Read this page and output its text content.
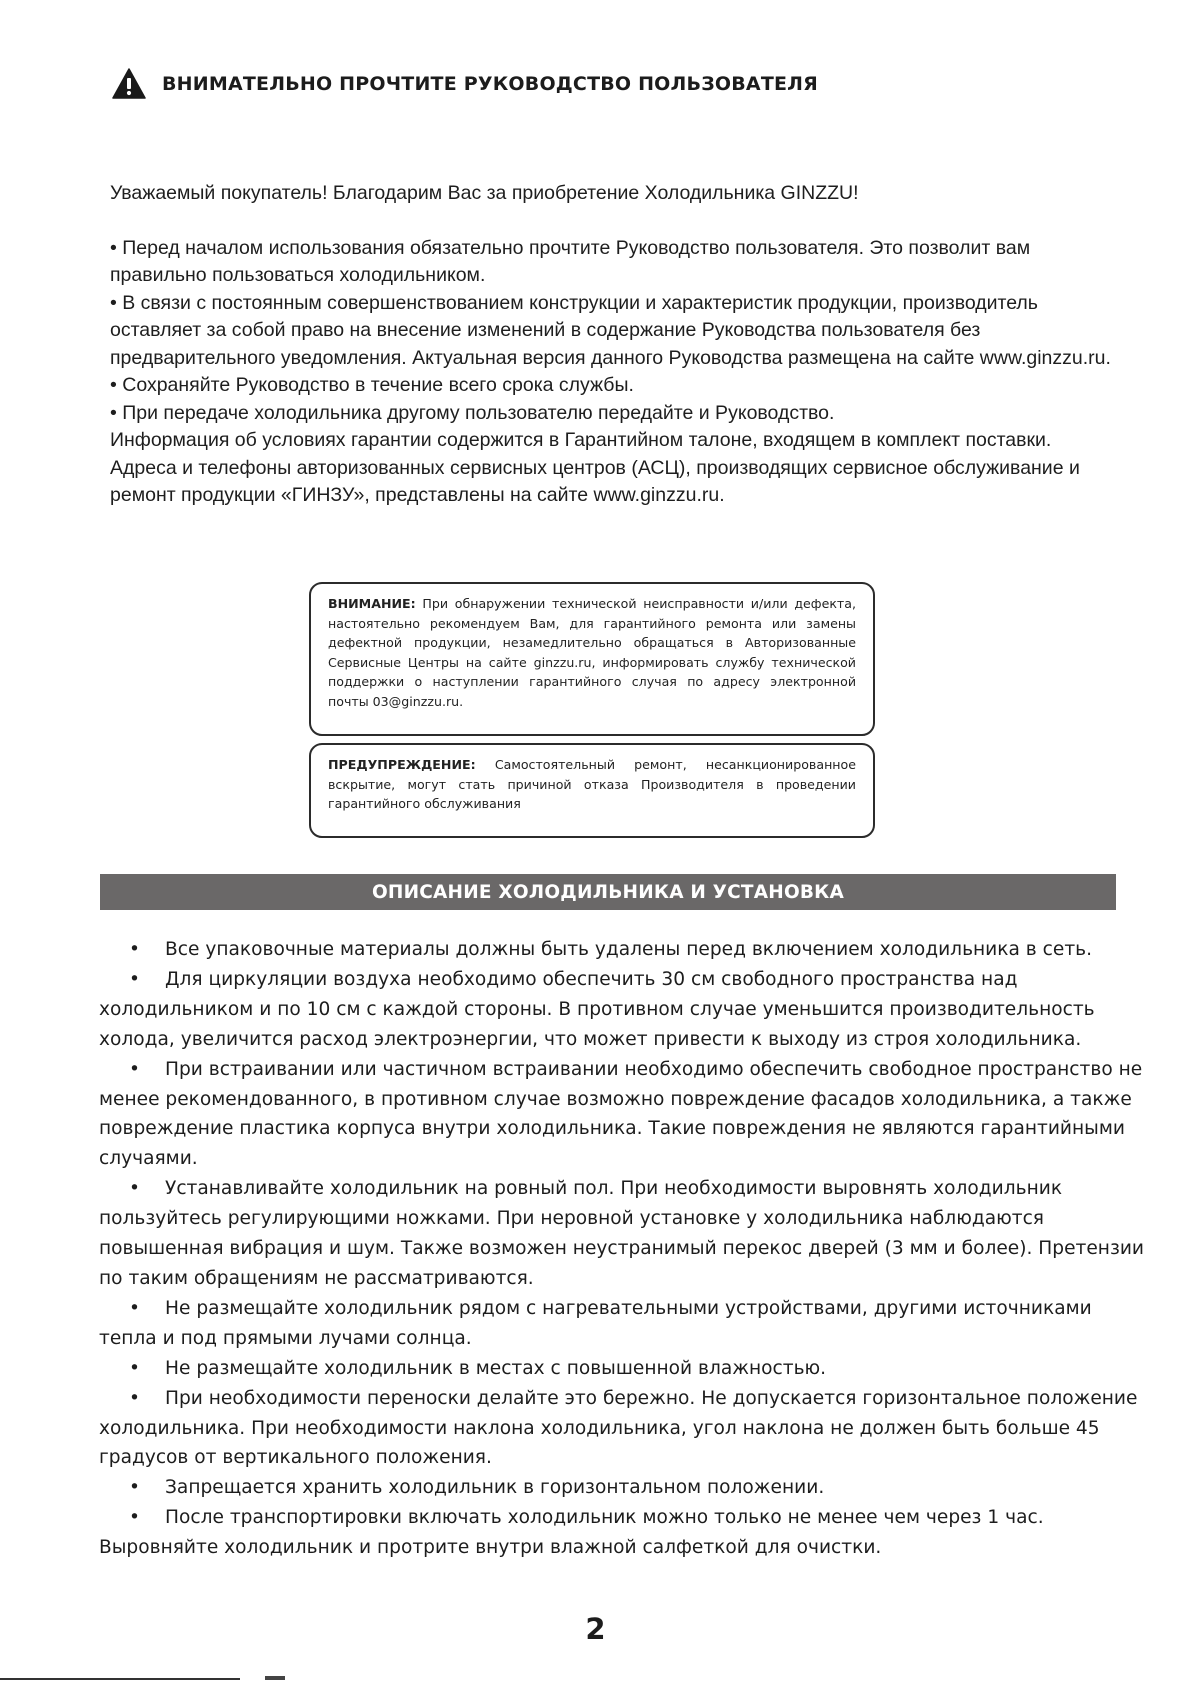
ВНИМАТЕЛЬНО ПРОЧТИТЕ РУКОВОДСТВО ПОЛЬЗОВАТЕЛЯ

Уважаемый покупатель! Благодарим Вас за приобретение Холодильника GINZZU!

• Перед началом использования обязательно прочтите Руководство пользователя. Это позволит вам правильно пользоваться холодильником.

• В связи с постоянным совершенствованием конструкции и характеристик продукции, производитель оставляет за собой право на внесение изменений в содержание Руководства пользователя без предварительного уведомления. Актуальная версия данного Руководства размещена на сайте www.ginzzu.ru.

• Сохраняйте Руководство в течение всего срока службы.

• При передаче холодильника другому пользователю передайте и Руководство.

Информация об условиях гарантии содержится в Гарантийном талоне, входящем в комплект поставки. Адреса и телефоны авторизованных сервисных центров (АСЦ), производящих сервисное обслуживание и ремонт продукции «ГИНЗУ», представлены на сайте www.ginzzu.ru.

ВНИМАНИЕ: При обнаружении технической неисправности и/или дефекта, настоятельно рекомендуем Вам, для гарантийного ремонта или замены дефектной продукции, незамедлительно обращаться в Авторизованные Сервисные Центры на сайте ginzzu.ru, информировать службу технической поддержки о наступлении гарантийного случая по адресу электронной почты 03@ginzzu.ru.
ПРЕДУПРЕЖДЕНИЕ: Самостоятельный ремонт, несанкционированное вскрытие, могут стать причиной отказа Производителя в проведении гарантийного обслуживания
ОПИСАНИЕ ХОЛОДИЛЬНИКА И УСТАНОВКА

• Все упаковочные материалы должны быть удалены перед включением холодильника в сеть.

• Для циркуляции воздуха необходимо обеспечить 30 см свободного пространства над холодильником и по 10 см с каждой стороны. В противном случае уменьшится производительность холода, увеличится расход электроэнергии, что может привести к выходу из строя холодильника.

• При встраивании или частичном встраивании необходимо обеспечить свободное пространство не менее рекомендованного, в противном случае возможно повреждение фасадов холодильника, а также повреждение пластика корпуса внутри холодильника. Такие повреждения не являются гарантийными случаями.

• Устанавливайте холодильник на ровный пол. При необходимости выровнять холодильник пользуйтесь регулирующими ножками. При неровной установке у холодильника наблюдаются повышенная вибрация и шум. Также возможен неустранимый перекос дверей (3 мм и более). Претензии по таким обращениям не рассматриваются.

• Не размещайте холодильник рядом с нагревательными устройствами, другими источниками тепла и под прямыми лучами солнца.

• Не размещайте холодильник в местах с повышенной влажностью.

• При необходимости переноски делайте это бережно. Не допускается горизонтальное положение холодильника. При необходимости наклона холодильника, угол наклона не должен быть больше 45 градусов от вертикального положения.

• Запрещается хранить холодильник в горизонтальном положении.

• После транспортировки включать холодильник можно только не менее чем через 1 час. Выровняйте холодильник и протрите внутри влажной салфеткой для очистки.

2
